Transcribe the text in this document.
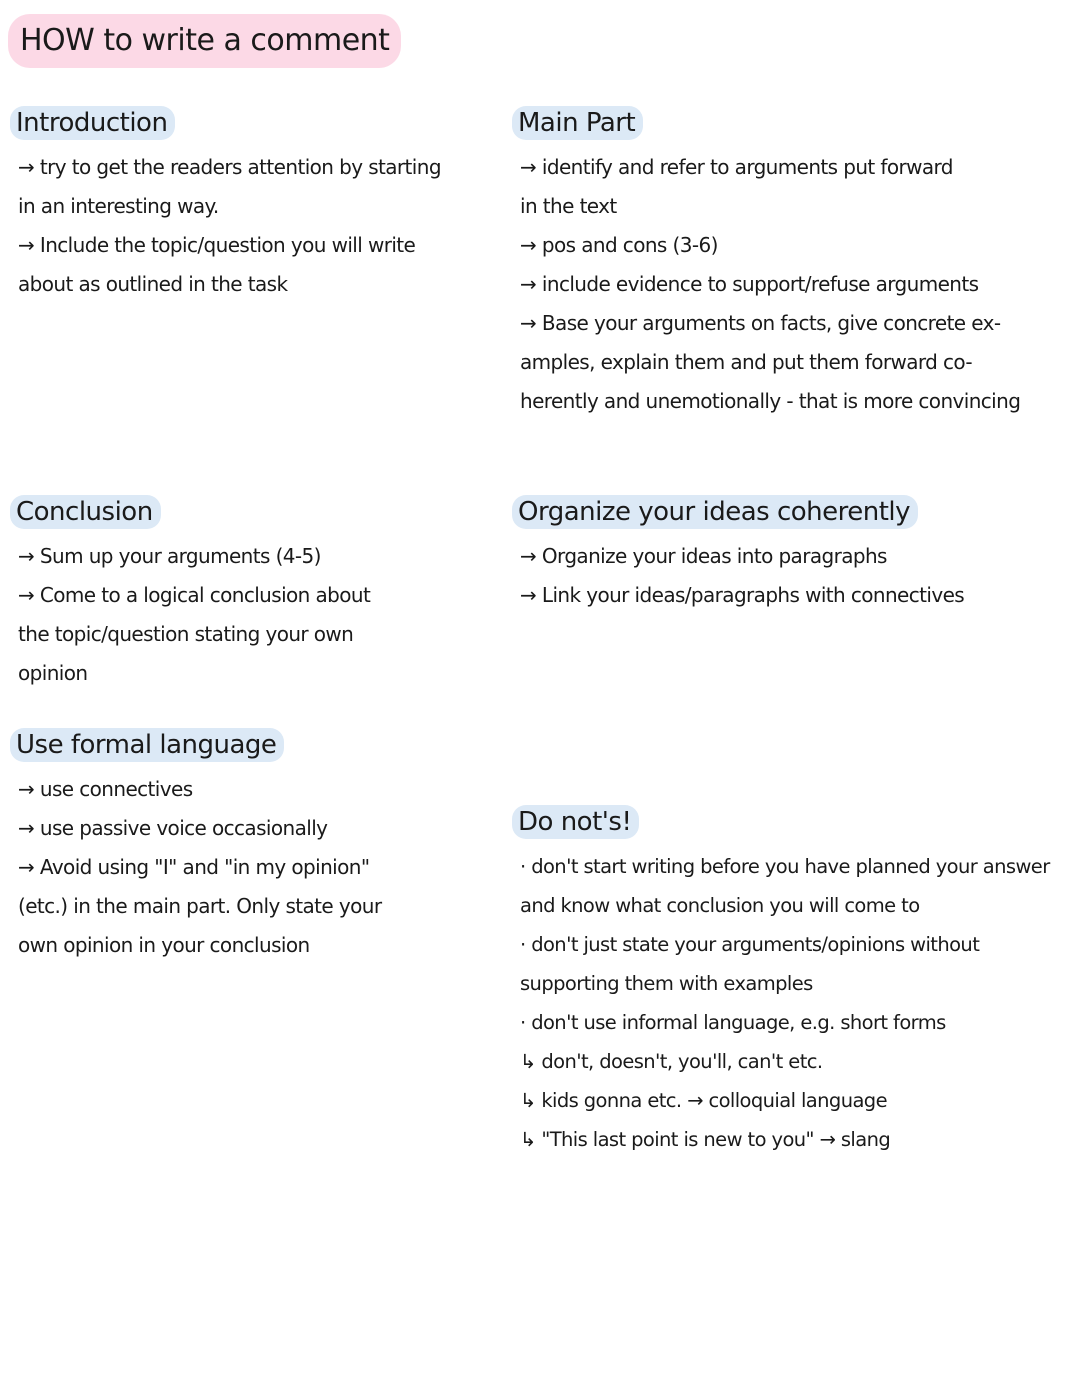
HOW to write a comment
Introduction
→ try to get the readers attention by starting
in an interesting way.
→ Include the topic/question you will write
about as outlined in the task
Main Part
→ identify and refer to arguments put forward
in the text
→ pos and cons (3-6)
→ include evidence to support/refuse arguments
→ Base your arguments on facts, give concrete ex-
amples, explain them and put them forward co-
herently and unemotionally - that is more convincing
Conclusion
→ Sum up your arguments (4-5)
→ Come to a logical conclusion about
the topic/question stating your own
opinion
Organize your ideas coherently
→ Organize your ideas into paragraphs
→ Link your ideas/paragraphs with connectives
Use formal language
→ use connectives
→ use passive voice occasionally
→ Avoid using "I" and "in my opinion"
(etc.) in the main part. Only state your
own opinion in your conclusion
Do not's!
· don't start writing before you have planned your answer
and know what conclusion you will come to
· don't just state your arguments/opinions without
supporting them with examples
· don't use informal language, e.g. short forms
↳ don't, doesn't, you'll, can't etc.
↳ kids gonna etc. → colloquial language
↳ "This last point is new to you" → slang
